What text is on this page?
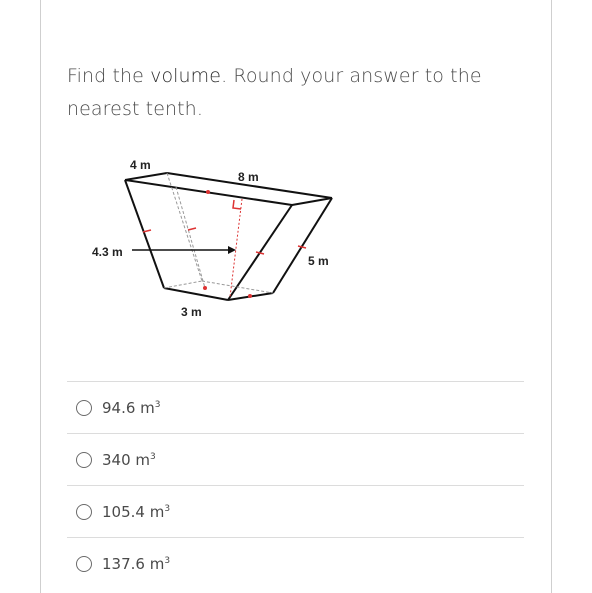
Find the volume. Round your answer to the nearest tenth.
4 m
8 m
4.3 m
5 m
3 m
94.6 $m^3$
340 $m^3$
105.4 $m^3$
137.6 $m^3$
